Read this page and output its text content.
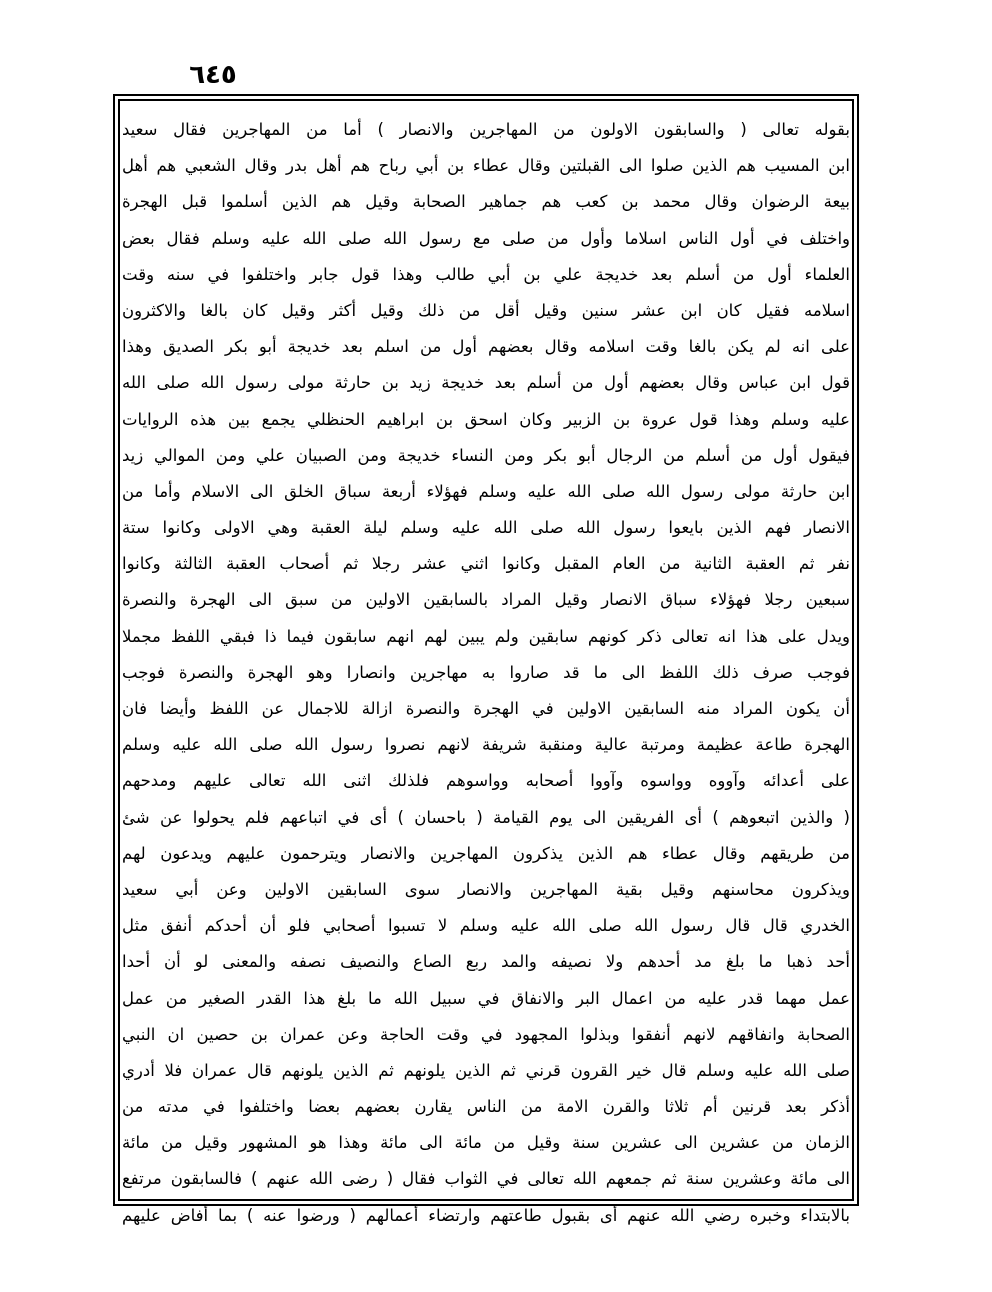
٦٤٥
بقوله تعالى ( والسابقون الاولون من المهاجرين والانصار ) أما من المهاجرين فقال سعيد
ابن المسيب هم الذين صلوا الى القبلتين وقال عطاء بن أبي رباح هم أهل بدر وقال الشعبي هم أهل
بيعة الرضوان وقال محمد بن كعب هم جماهير الصحابة وقيل هم الذين أسلموا قبل الهجرة
واختلف في أول الناس اسلاما وأول من صلى مع رسول الله صلى الله عليه وسلم فقال بعض
العلماء أول من أسلم بعد خديجة علي بن أبي طالب وهذا قول جابر واختلفوا في سنه وقت
اسلامه فقيل كان ابن عشر سنين وقيل أقل من ذلك وقيل أكثر وقيل كان بالغا والاكثرون
على انه لم يكن بالغا وقت اسلامه وقال بعضهم أول من اسلم بعد خديجة أبو بكر الصديق وهذا
قول ابن عباس وقال بعضهم أول من أسلم بعد خديجة زيد بن حارثة مولى رسول الله صلى الله
عليه وسلم وهذا قول عروة بن الزبير وكان اسحق بن ابراهيم الحنظلي يجمع بين هذه الروايات
فيقول أول من أسلم من الرجال أبو بكر ومن النساء خديجة ومن الصبيان علي ومن الموالي زيد
ابن حارثة مولى رسول الله صلى الله عليه وسلم فهؤلاء أربعة سباق الخلق الى الاسلام وأما من
الانصار فهم الذين بايعوا رسول الله صلى الله عليه وسلم ليلة العقبة وهي الاولى وكانوا ستة
نفر ثم العقبة الثانية من العام المقبل وكانوا اثني عشر رجلا ثم أصحاب العقبة الثالثة وكانوا
سبعين رجلا فهؤلاء سباق الانصار وقيل المراد بالسابقين الاولين من سبق الى الهجرة والنصرة
ويدل على هذا انه تعالى ذكر كونهم سابقين ولم يبين لهم انهم سابقون فيما ذا فبقي اللفظ مجملا
فوجب صرف ذلك اللفظ الى ما قد صاروا به مهاجرين وانصارا وهو الهجرة والنصرة فوجب
أن يكون المراد منه السابقين الاولين في الهجرة والنصرة ازالة للاجمال عن اللفظ وأيضا فان
الهجرة طاعة عظيمة ومرتبة عالية ومنقبة شريفة لانهم نصروا رسول الله صلى الله عليه وسلم
على أعدائه وآووه وواسوه وآووا أصحابه وواسوهم فلذلك اثنى الله تعالى عليهم ومدحهم
( والذين اتبعوهم ) أى الفريقين الى يوم القيامة ( باحسان ) أى في اتباعهم فلم يحولوا عن شئ
من طريقهم وقال عطاء هم الذين يذكرون المهاجرين والانصار ويترحمون عليهم ويدعون لهم
ويذكرون محاسنهم وقيل بقية المهاجرين والانصار سوى السابقين الاولين وعن أبي سعيد
الخدري قال قال رسول الله صلى الله عليه وسلم لا تسبوا أصحابي فلو أن أحدكم أنفق مثل
أحد ذهبا ما بلغ مد أحدهم ولا نصيفه والمد ربع الصاع والنصيف نصفه والمعنى لو أن أحدا
عمل مهما قدر عليه من اعمال البر والانفاق في سبيل الله ما بلغ هذا القدر الصغير من عمل
الصحابة وانفاقهم لانهم أنفقوا وبذلوا المجهود في وقت الحاجة وعن عمران بن حصين ان النبي
صلى الله عليه وسلم قال خير القرون قرني ثم الذين يلونهم ثم الذين يلونهم قال عمران فلا أدري
أذكر بعد قرنين أم ثلاثا والقرن الامة من الناس يقارن بعضهم بعضا واختلفوا في مدته من
الزمان من عشرين الى عشرين سنة وقيل من مائة الى مائة وهذا هو المشهور وقيل من مائة
الى مائة وعشرين سنة ثم جمعهم الله تعالى في الثواب فقال ( رضى الله عنهم ) فالسابقون مرتفع
بالابتداء وخبره رضي الله عنهم أى بقبول طاعتهم وارتضاء أعمالهم ( ورضوا عنه ) بما أفاض عليهم
